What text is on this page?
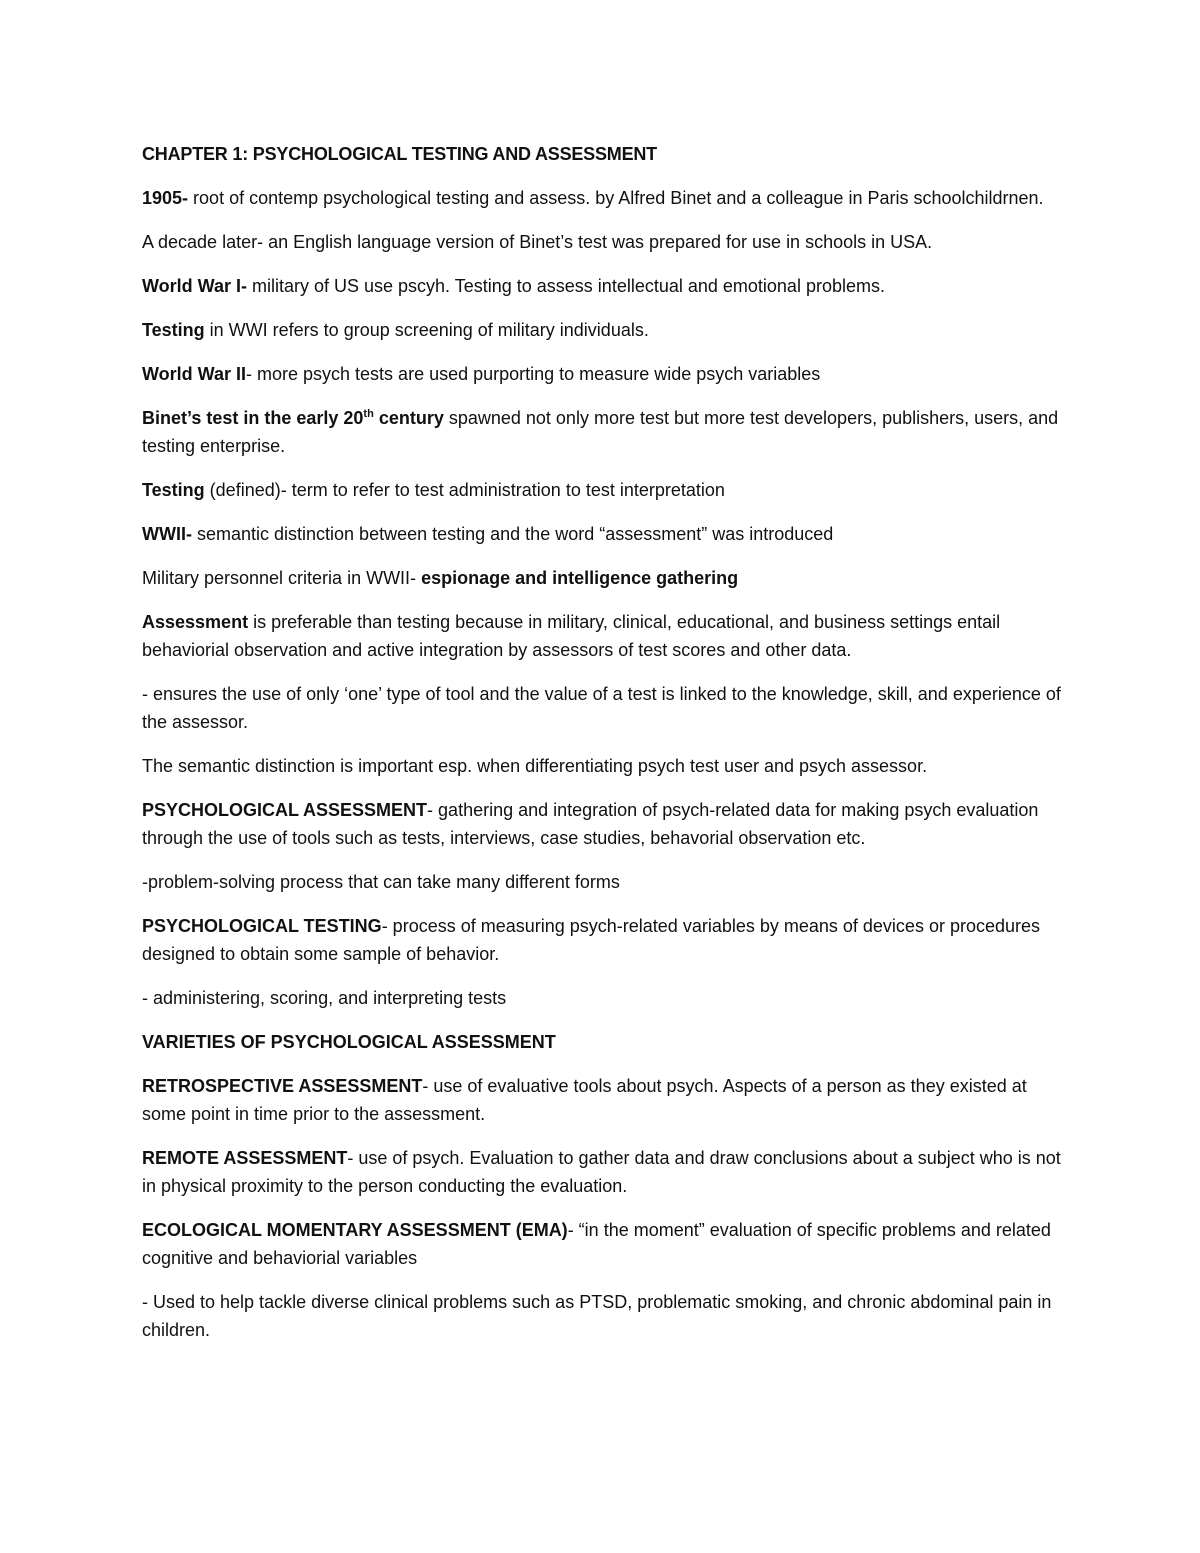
CHAPTER 1: PSYCHOLOGICAL TESTING AND ASSESSMENT

1905- root of contemp psychological testing and assess. by Alfred Binet and a colleague in Paris schoolchildrnen.

A decade later- an English language version of Binet’s test was prepared for use in schools in USA.

World War I- military of US use pscyh. Testing to assess intellectual and emotional problems.

Testing in WWI refers to group screening of military individuals.

World War II- more psych tests are used purporting to measure wide psych variables

Binet’s test in the early 20th century spawned not only more test but more test developers, publishers, users, and testing enterprise.

Testing (defined)- term to refer to test administration to test interpretation

WWII- semantic distinction between testing and the word “assessment” was introduced

Military personnel criteria in WWII- espionage and intelligence gathering

Assessment is preferable than testing because in military, clinical, educational, and business settings entail behaviorial observation and active integration by assessors of test scores and other data.

- ensures the use of only ‘one’ type of tool and the value of a test is linked to the knowledge, skill, and experience of the assessor.

The semantic distinction is important esp. when differentiating psych test user and psych assessor.

PSYCHOLOGICAL ASSESSMENT- gathering and integration of psych-related data for making psych evaluation through the use of tools such as tests, interviews, case studies, behavorial observation etc.

-problem-solving process that can take many different forms

PSYCHOLOGICAL TESTING- process of measuring psych-related variables by means of devices or procedures designed to obtain some sample of behavior.

- administering, scoring, and interpreting tests

VARIETIES OF PSYCHOLOGICAL ASSESSMENT

RETROSPECTIVE ASSESSMENT- use of evaluative tools about psych. Aspects of a person as they existed at some point in time prior to the assessment.

REMOTE ASSESSMENT- use of psych. Evaluation to gather data and draw conclusions about a subject who is not in physical proximity to the person conducting the evaluation.

ECOLOGICAL MOMENTARY ASSESSMENT (EMA)- “in the moment” evaluation of specific problems and related cognitive and behaviorial variables

- Used to help tackle diverse clinical problems such as PTSD, problematic smoking, and chronic abdominal pain in children.
